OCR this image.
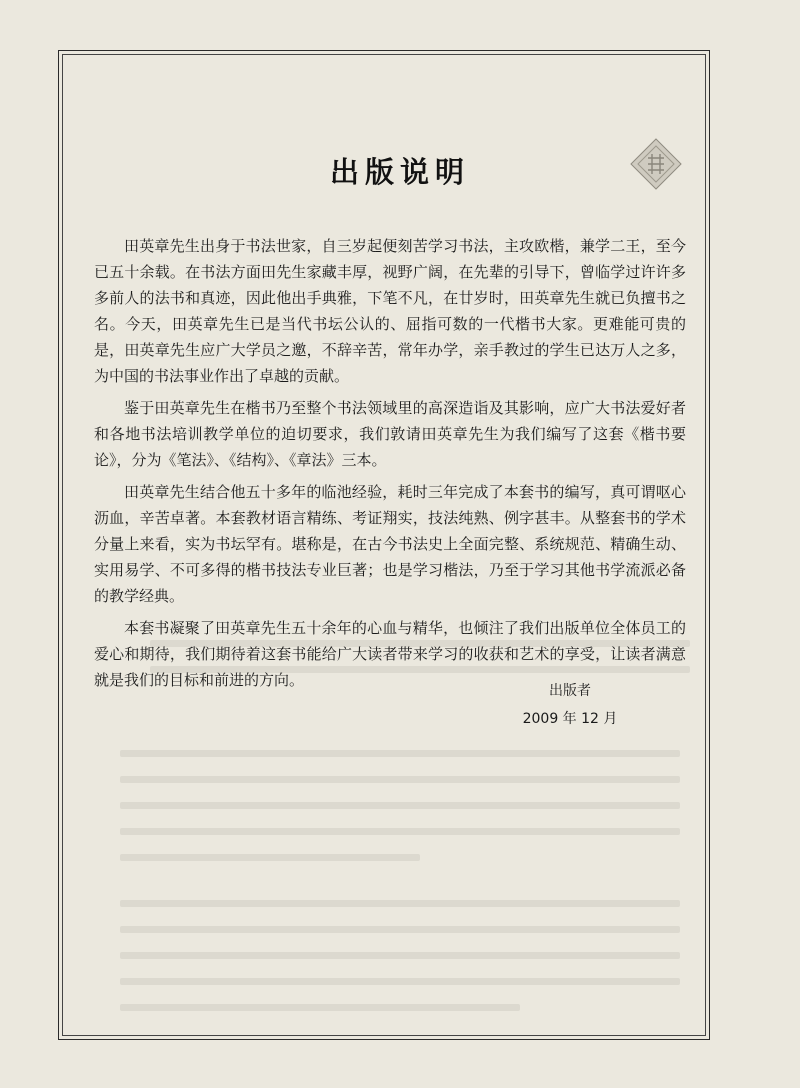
出版说明

田英章先生出身于书法世家，自三岁起便刻苦学习书法，主攻欧楷，兼学二王，至今已五十余载。在书法方面田先生家藏丰厚，视野广阔，在先辈的引导下，曾临学过许许多多前人的法书和真迹，因此他出手典雅，下笔不凡，在廿岁时，田英章先生就已负擅书之名。今天，田英章先生已是当代书坛公认的、屈指可数的一代楷书大家。更难能可贵的是，田英章先生应广大学员之邀，不辞辛苦，常年办学，亲手教过的学生已达万人之多，为中国的书法事业作出了卓越的贡献。

鉴于田英章先生在楷书乃至整个书法领域里的高深造诣及其影响，应广大书法爱好者和各地书法培训教学单位的迫切要求，我们敦请田英章先生为我们编写了这套《楷书要论》，分为《笔法》、《结构》、《章法》三本。

田英章先生结合他五十多年的临池经验，耗时三年完成了本套书的编写，真可谓呕心沥血，辛苦卓著。本套教材语言精练、考证翔实，技法纯熟、例字甚丰。从整套书的学术分量上来看，实为书坛罕有。堪称是，在古今书法史上全面完整、系统规范、精确生动、实用易学、不可多得的楷书技法专业巨著；也是学习楷法，乃至于学习其他书学流派必备的教学经典。

本套书凝聚了田英章先生五十余年的心血与精华，也倾注了我们出版单位全体员工的爱心和期待，我们期待着这套书能给广大读者带来学习的收获和艺术的享受，让读者满意就是我们的目标和前进的方向。

出版者
2009 年 12 月
